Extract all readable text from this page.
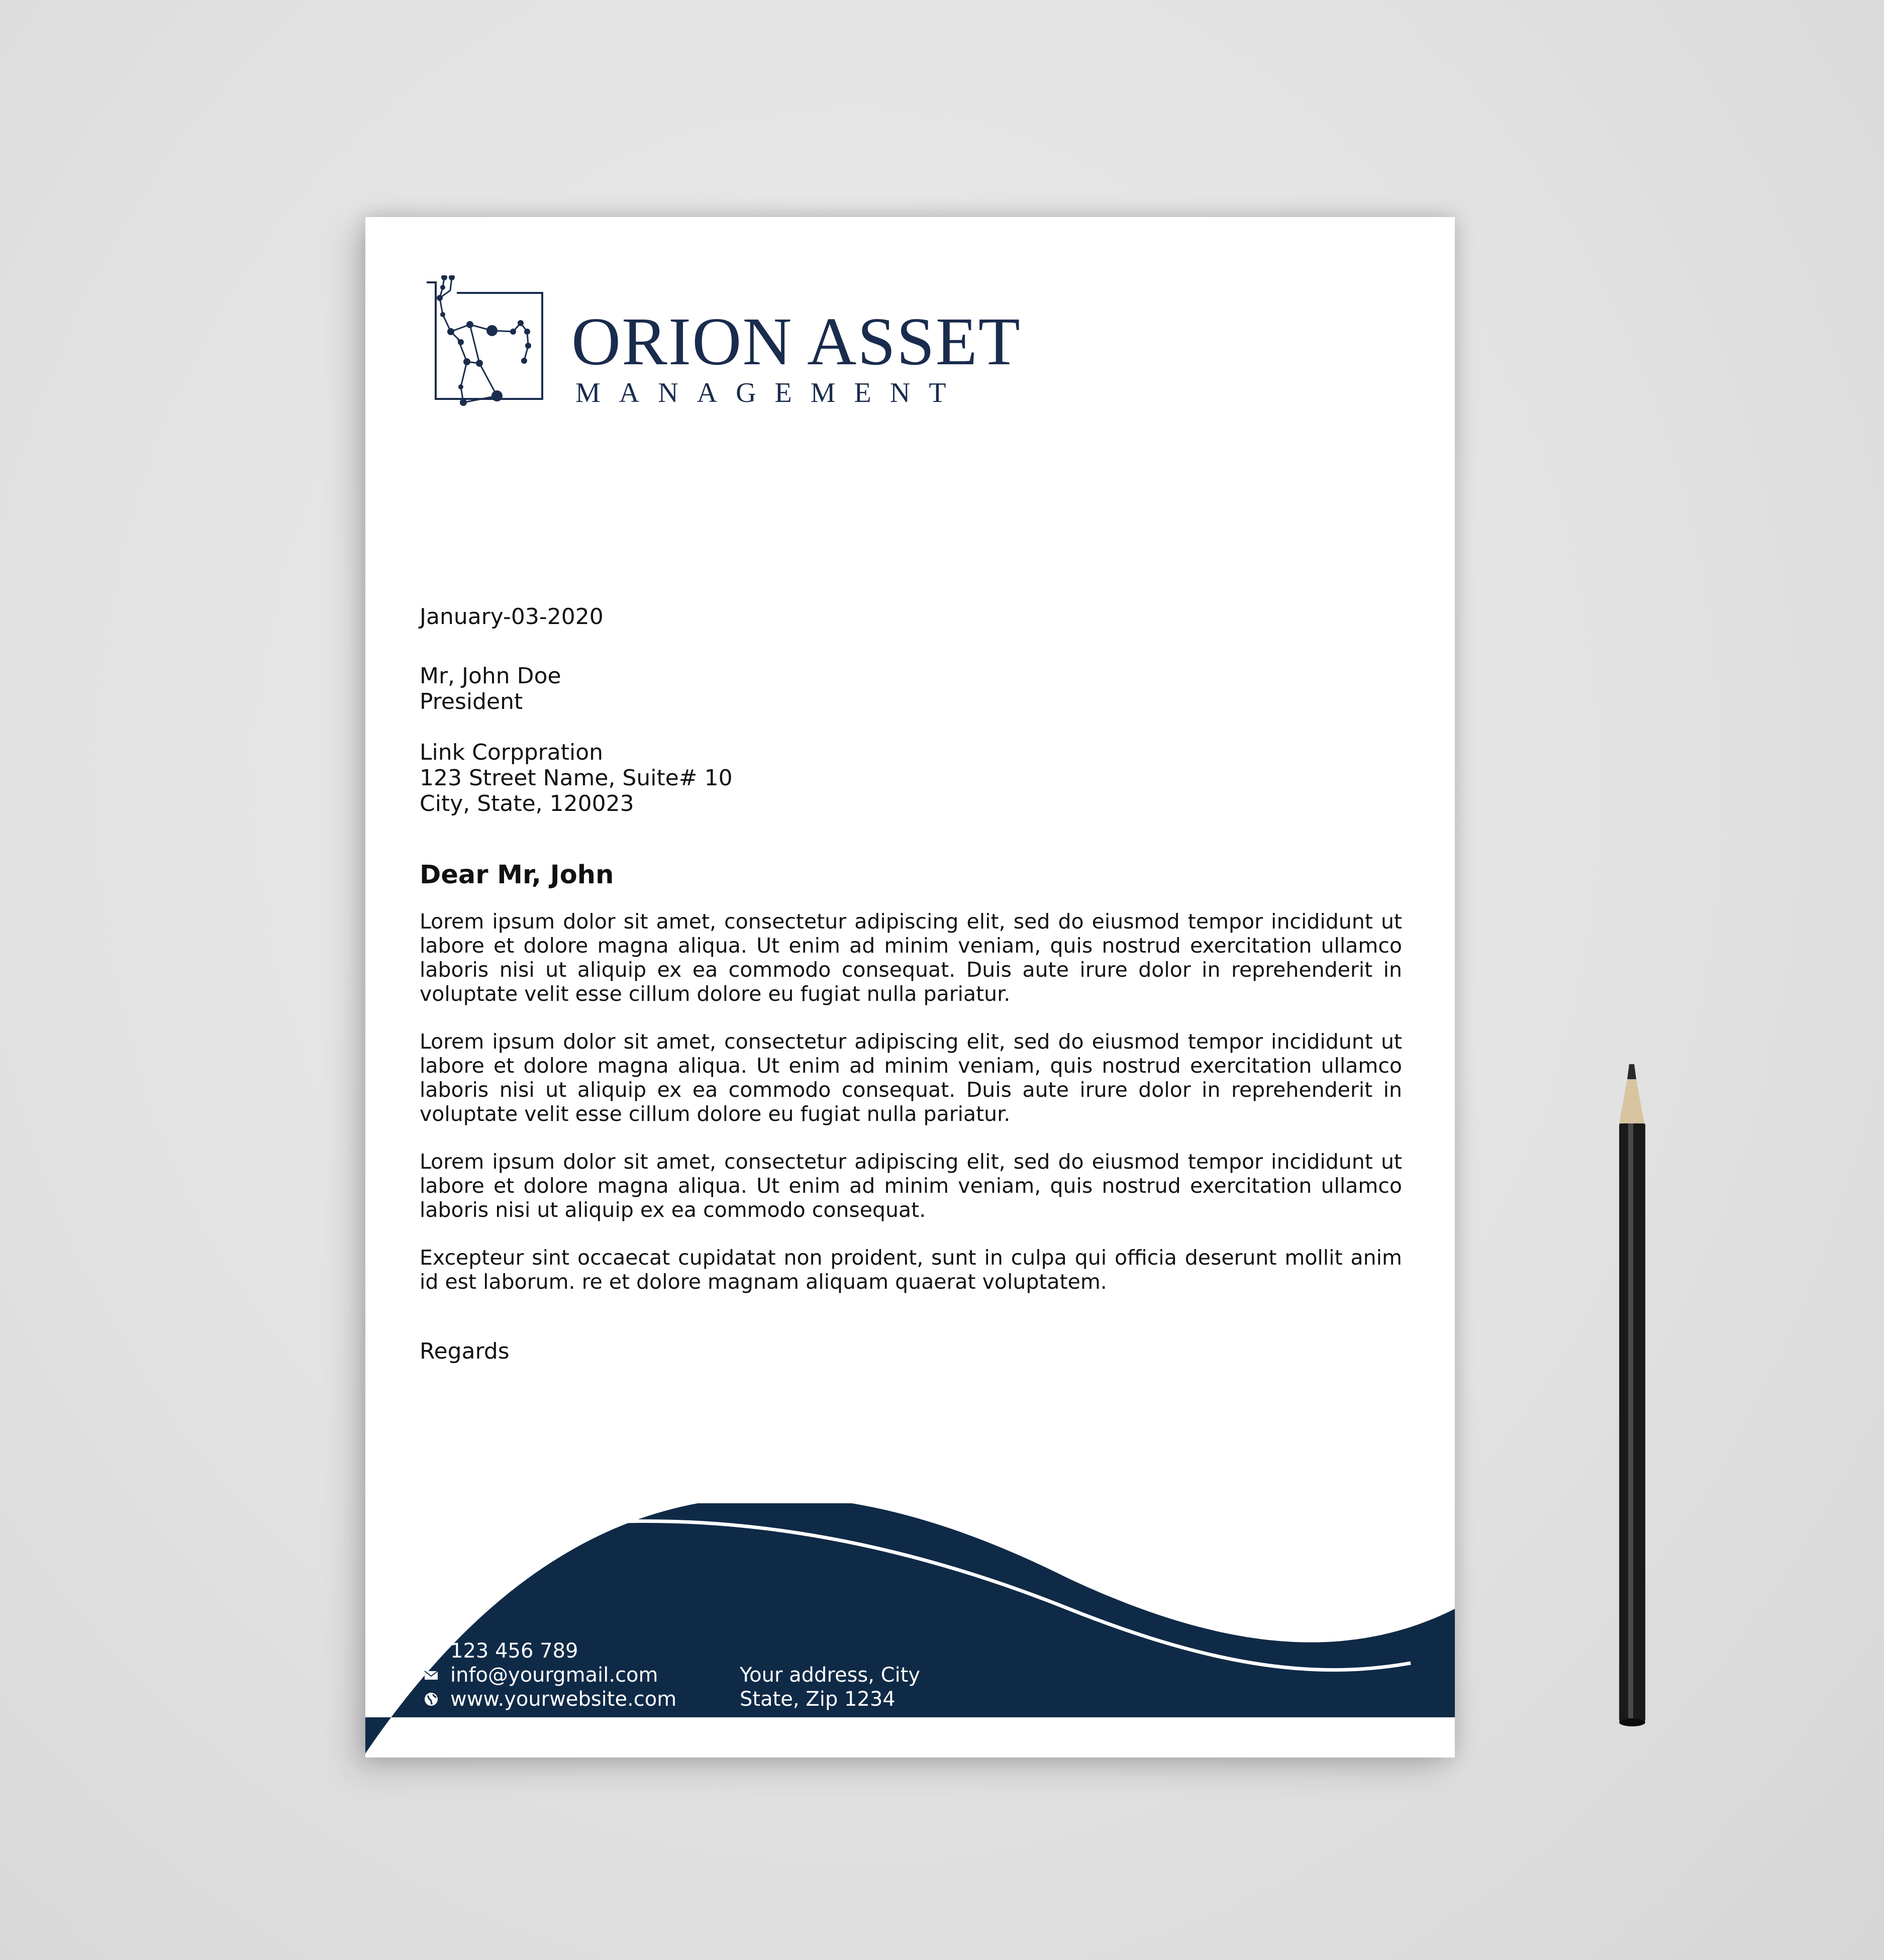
ORION ASSET
MANAGEMENT
January-03-2020
Mr, John Doe
President
Link Corppration
123 Street Name, Suite# 10
City, State, 120023
Dear Mr, John

Lorem ipsum dolor sit amet, consectetur adipiscing elit, sed do eiusmod tempor incididunt ut labore et dolore magna aliqua. Ut enim ad minim veniam, quis nostrud exercitation ullamco laboris nisi ut aliquip ex ea commodo consequat. Duis aute irure dolor in reprehenderit in voluptate velit esse cillum dolore eu fugiat nulla pariatur.

Lorem ipsum dolor sit amet, consectetur adipiscing elit, sed do eiusmod tempor incididunt ut labore et dolore magna aliqua. Ut enim ad minim veniam, quis nostrud exercitation ullamco laboris nisi ut aliquip ex ea commodo consequat. Duis aute irure dolor in reprehenderit in voluptate velit esse cillum dolore eu fugiat nulla pariatur.

Lorem ipsum dolor sit amet, consectetur adipiscing elit, sed do eiusmod tempor incididunt ut labore et dolore magna aliqua. Ut enim ad minim veniam, quis nostrud exercitation ullamco laboris nisi ut aliquip ex ea commodo consequat.

Excepteur sint occaecat cupidatat non proident, sunt in culpa qui officia deserunt mollit anim id est laborum. re et dolore magnam aliquam quaerat voluptatem.

Regards
123 456 789
info@yourgmail.com
www.yourwebsite.com
Your address, City
State, Zip 1234
